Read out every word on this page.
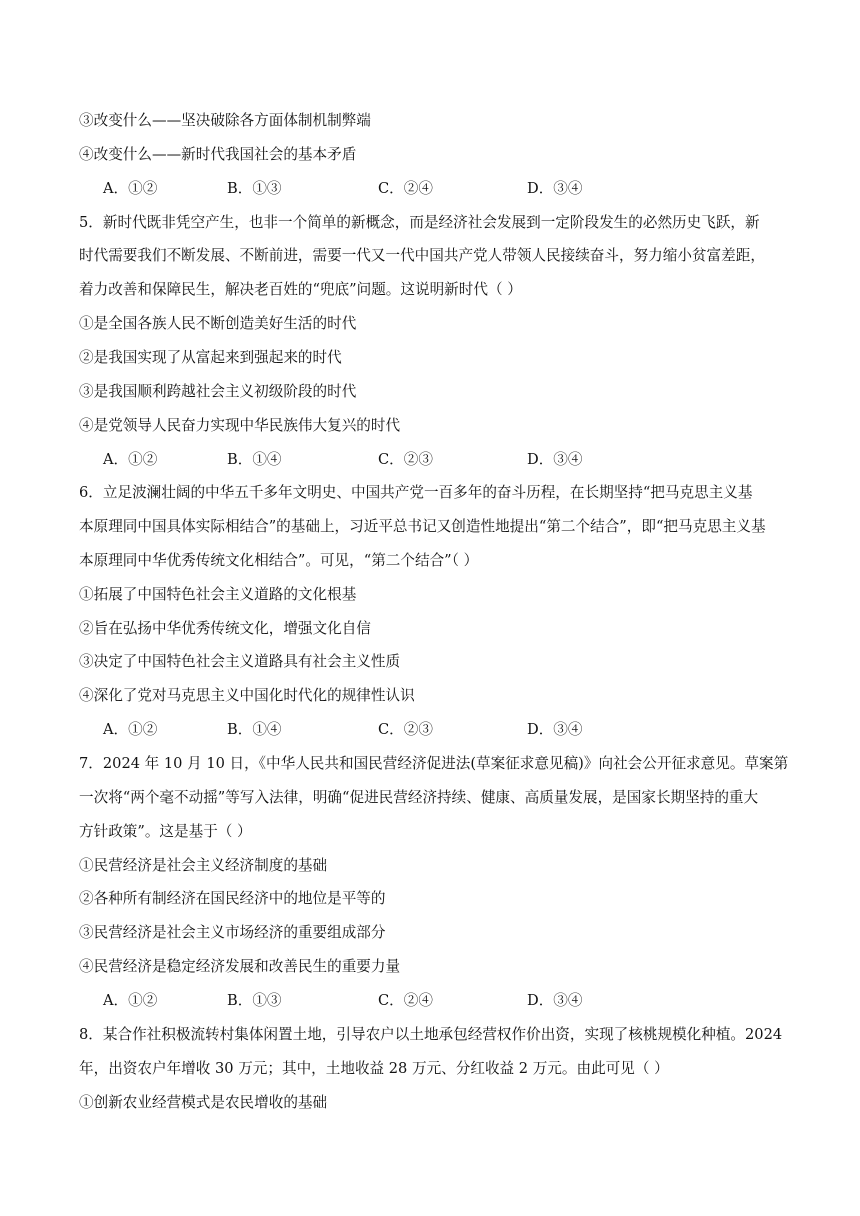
③改变什么——坚决破除各方面体制机制弊端
④改变什么——新时代我国社会的基本矛盾
A．①②	B．①③	C．②④	D．③④
5．新时代既非凭空产生，也非一个简单的新概念，而是经济社会发展到一定阶段发生的必然历史飞跃，新
时代需要我们不断发展、不断前进，需要一代又一代中国共产党人带领人民接续奋斗，努力缩小贫富差距，
着力改善和保障民生，解决老百姓的“兜底”问题。这说明新时代（ ）
①是全国各族人民不断创造美好生活的时代
②是我国实现了从富起来到强起来的时代
③是我国顺利跨越社会主义初级阶段的时代
④是党领导人民奋力实现中华民族伟大复兴的时代
A．①②	B．①④	C．②③	D．③④
6．立足波澜壮阔的中华五千多年文明史、中国共产党一百多年的奋斗历程，在长期坚持“把马克思主义基
本原理同中国具体实际相结合”的基础上，习近平总书记又创造性地提出“第二个结合”，即“把马克思主义基
本原理同中华优秀传统文化相结合”。可见，“第二个结合”（ ）
①拓展了中国特色社会主义道路的文化根基
②旨在弘扬中华优秀传统文化，增强文化自信
③决定了中国特色社会主义道路具有社会主义性质
④深化了党对马克思主义中国化时代化的规律性认识
A．①②	B．①④	C．②③	D．③④
7．2024 年 10 月 10 日，《中华人民共和国民营经济促进法(草案征求意见稿)》向社会公开征求意见。草案第
一次将“两个毫不动摇”等写入法律，明确“促进民营经济持续、健康、高质量发展，是国家长期坚持的重大
方针政策”。这是基于（ ）
①民营经济是社会主义经济制度的基础
②各种所有制经济在国民经济中的地位是平等的
③民营经济是社会主义市场经济的重要组成部分
④民营经济是稳定经济发展和改善民生的重要力量
A．①②	B．①③	C．②④	D．③④
8．某合作社积极流转村集体闲置土地，引导农户以土地承包经营权作价出资，实现了核桃规模化种植。2024
年，出资农户年增收 30 万元；其中，土地收益 28 万元、分红收益 2 万元。由此可见（ ）
①创新农业经营模式是农民增收的基础
